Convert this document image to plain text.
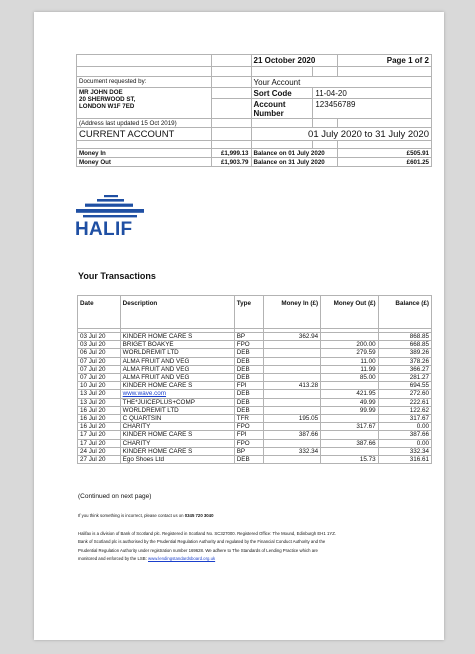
		21 October 2020		Page 1 of 2

Document requested by:		Your Account		

MR JOHN DOE
20 SHERWOOD ST,
LONDON W1F 7ED		Sort Code	11-04-20	
		Account Number	123456789	
(Address last updated 15 Oct 2019)				
CURRENT ACCOUNT		01 July 2020 to 31 July 2020		

Money In	£1,999.13	Balance on 01 July 2020		£505.91
Money Out	£1,903.79	Balance on 31 July 2020		£601.25
HALIF
Your Transactions
Date	Description	Type	Money In (£)	Money Out (£)	Balance (£)

03 Jul 20	KINDER HOME CARE S	BP	362.94		868.85
03 Jul 20	BRIGET BOAKYE	FPO		200.00	668.85
06 Jul 20	WORLDREMIT LTD	DEB		279.59	389.26
07 Jul 20	ALMA FRUIT AND VEG	DEB		11.00	378.26
07 Jul 20	ALMA FRUIT AND VEG	DEB		11.99	366.27
07 Jul 20	ALMA FRUIT AND VEG	DEB		85.00	281.27
10 Jul 20	KINDER HOME CARE S	FPI	413.28		694.55
13 Jul 20	www.wave.com	DEB		421.95	272.60
13 Jul 20	THE*JUICEPLUS+COMP	DEB		49.99	222.61
16 Jul 20	WORLDREMIT LTD	DEB		99.99	122.62
16 Jul 20	C QUARTSIN	TFR	195.05		317.67
16 Jul 20	CHARITY	FPO		317.67	0.00
17 Jul 20	KINDER HOME CARE S	FPI	387.66		387.66
17 Jul 20	CHARITY	FPO		387.66	0.00
24 Jul 20	KINDER HOME CARE S	BP	332.34		332.34
27 Jul 20	Ego Shoes Ltd	DEB		15.73	316.61
(Continued on next page)
If you think something is incorrect, please contact us on 0345 720 3040
Halifax is a division of Bank of Scotland plc. Registered in Scotland No. SC327000. Registered Office: The Mound, Edinburgh EH1 1YZ.
Bank of Scotland plc is authorised by the Prudential Regulation Authority and regulated by the Financial Conduct Authority and the
Prudential Regulation Authority under registration number 169628. We adhere to The Standards of Lending Practice which are
monitored and enforced by the LSB: www.lendingstandardsboard.org.uk
